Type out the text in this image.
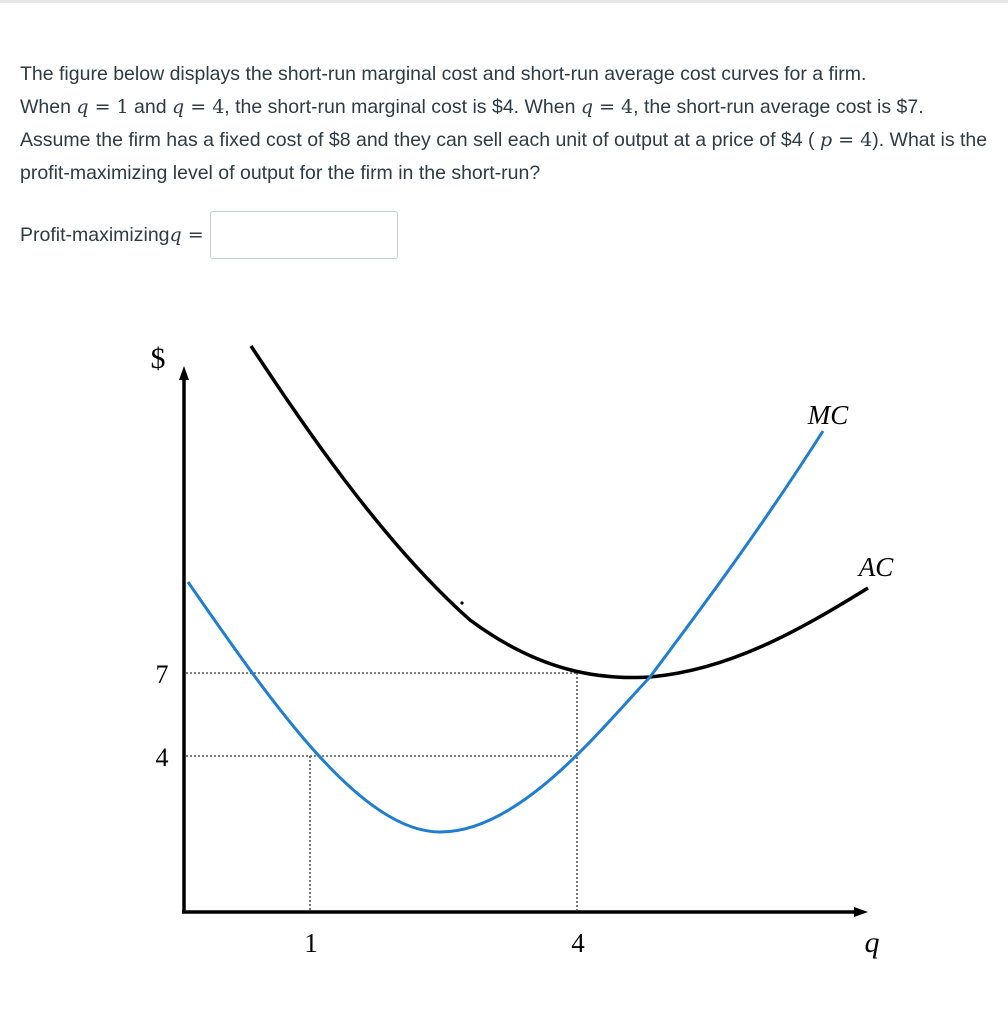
The figure below displays the short-run marginal cost and short-run average cost curves for a firm.
When q = 1 and q = 4, the short-run marginal cost is $4. When q = 4, the short-run average cost is $7. Assume the firm has a fixed cost of $8 and they can sell each unit of output at a price of $4 ( p = 4). What is the profit-maximizing level of output for the firm in the short-run?
Profit-maximizing q =
$
q
MC
AC
7
4
1	4
